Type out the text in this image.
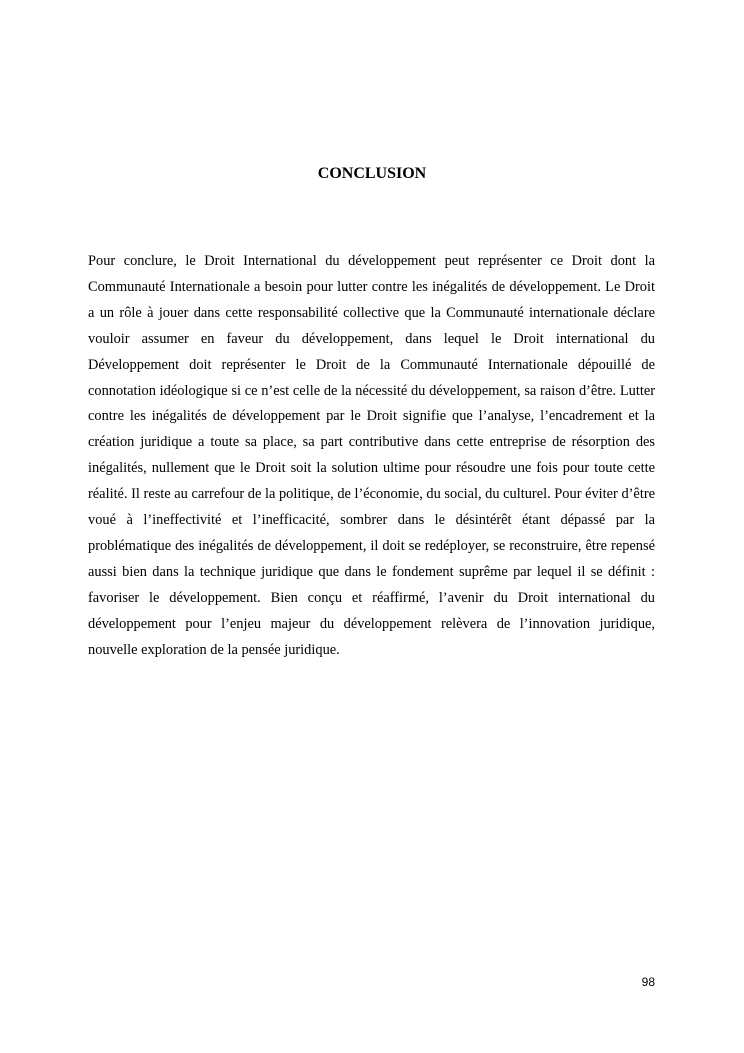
CONCLUSION

Pour conclure, le Droit International du développement peut représenter ce Droit dont la Communauté Internationale a besoin pour lutter contre les inégalités de développement. Le Droit a un rôle à jouer dans cette responsabilité collective que la Communauté internationale déclare vouloir assumer en faveur du développement, dans lequel le Droit international du Développement doit représenter le Droit de la Communauté Internationale dépouillé de connotation idéologique si ce n’est celle de la nécessité du développement, sa raison d’être. Lutter contre les inégalités de développement par le Droit signifie que l’analyse, l’encadrement et la création juridique a toute sa place, sa part contributive dans cette entreprise de résorption des inégalités, nullement que le Droit soit la solution ultime pour résoudre une fois pour toute cette réalité. Il reste au carrefour de la politique, de l’économie, du social, du culturel. Pour éviter d’être voué à l’ineffectivité et l’inefficacité, sombrer dans le désintérêt étant dépassé par la problématique des inégalités de développement, il doit se redéployer, se reconstruire, être repensé aussi bien dans la technique juridique que dans le fondement suprême par lequel il se définit : favoriser le développement. Bien conçu et réaffirmé, l’avenir du Droit international du développement pour l’enjeu majeur du développement relèvera de l’innovation juridique, nouvelle exploration de la pensée juridique.

98
